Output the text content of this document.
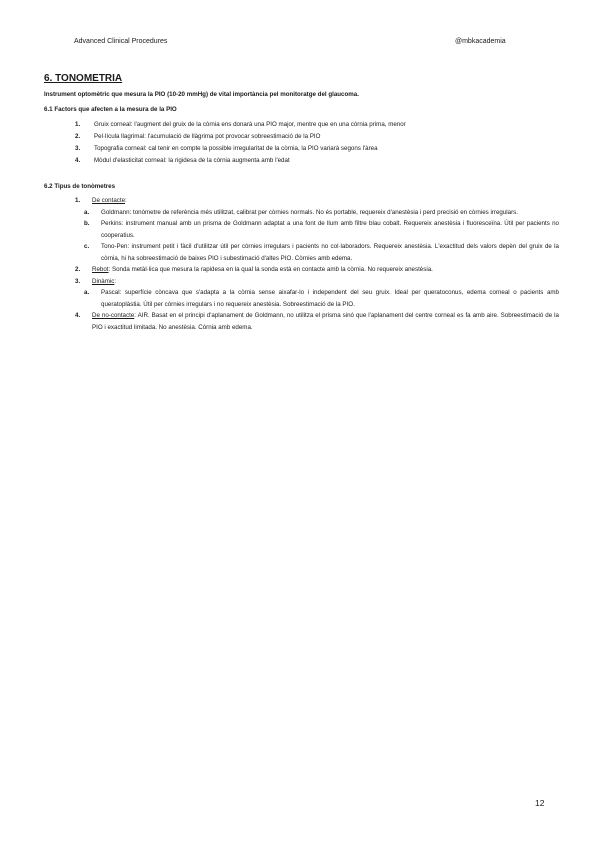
Advanced Clinical Procedures	@mbkacademia
6. TONOMETRIA
Instrument optomètric que mesura la PIO (10-20 mmHg) de vital importància pel monitoratge del glaucoma.
6.1 Factors que afecten a la mesura de la PIO
1.	Gruix corneal: l'augment del gruix de la còrnia ens donarà una PIO major, mentre que en una còrnia prima, menor
2.	Pel·lícula llagrimal: l'acumulació de llàgrima pot provocar sobreestimació de la PIO
3.	Topografia corneal: cal tenir en compte la possible irregularitat de la còrnia, la PIO variarà segons l'àrea
4.	Mòdul d'elasticitat corneal: la rigidesa de la còrnia augmenta amb l'edat
6.2 Tipus de tonòmetres
1.	De contacte:
a.	Goldmann: tonòmetre de referència més utilitzat, calibrat per còrnies normals. No és portable, requereix d'anestèsia i perd precisió en còrnies irregulars.
b.	Perkins: instrument manual amb un prisma de Goldmann adaptat a una font de llum amb filtre blau cobalt. Requereix anestèsia i fluoresceïna. Útil per pacients no cooperatius.
c.	Tono-Pen: instrument petit i fàcil d'utilitzar útil per còrnies irregulars i pacients no col·laboradors. Requereix anestèsia. L'exactitud dels valors depèn del gruix de la còrnia, hi ha sobreestimació de baixes PIO i subestimació d'altes PIO. Còrnies amb edema.
2.	Rebot: Sonda metàl·lica que mesura la rapidesa en la qual la sonda està en contacte amb la còrnia. No requereix anestèsia.
3.	Dinàmic:
a.	Pascal: superfície còncava que s'adapta a la còrnia sense aixafar-lo i independent del seu gruix. Ideal per queratoconus, edema corneal o pacients amb queratoplàstia. Útil per còrnies irregulars i no requereix anestèsia. Sobreestimació de la PIO.
4.	De no-contacte: AIR. Basat en el principi d'aplanament de Goldmann, no utilitza el prisma sinó que l'aplanament del centre corneal es fa amb aire. Sobreestimació de la PIO i exactitud limitada. No anestèsia. Còrnia amb edema.
12
